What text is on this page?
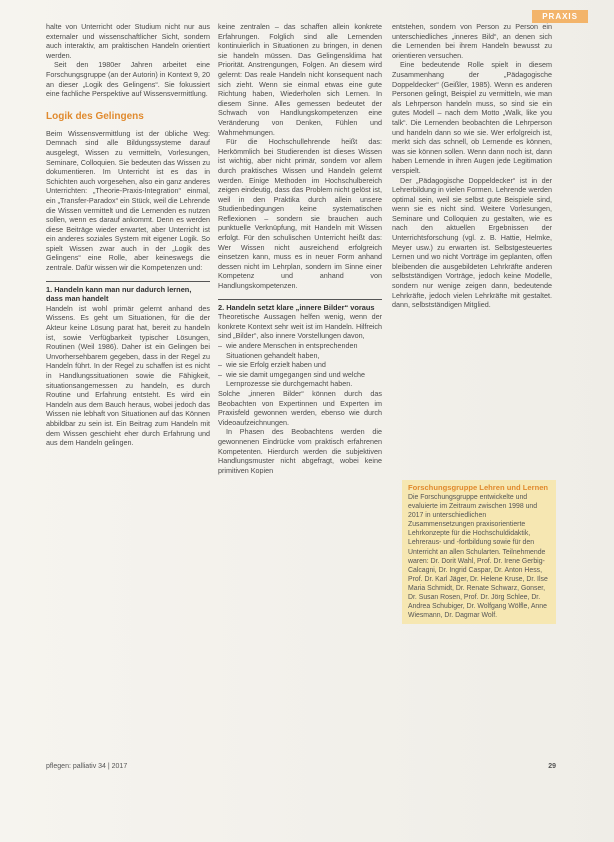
PRAXIS

halte von Unterricht oder Studium nicht nur aus externaler und wissenschaftlicher Sicht, sondern auch interaktiv, am praktischen Handeln orientiert werden.

Seit den 1980er Jahren arbeitet eine Forschungsgruppe (an der Autorin) in Kontext 9, 20 an dieser „Logik des Gelingens“. Sie fokussiert eine fachliche Perspektive auf Wissensvermittlung.

Logik des Gelingens

Beim Wissensvermittlung ist der übliche Weg: Demnach sind alle Bildungssysteme darauf ausgelegt, Wissen zu vermitteln, Vorlesungen, Seminare, Colloquien. Sie bedeuten das Wissen zu dokumentieren. Im Unterricht ist es das in Schichten auch vorgesehen, also ein ganz anderes Unterrichten: „Theorie-Praxis-Integration“ einmal, ein „Transfer-Paradox“ ein Stück, weil die Lehrende die Wissen vermittelt und die Lernenden es nutzen sollen, wenn es darauf ankommt. Denn es werden diese Beiträge wieder erwartet, aber Unterricht ist ein anderes soziales System mit eigener Logik. So spielt Wissen zwar auch in der „Logik des Gelingens“ eine Rolle, aber keineswegs die zentrale. Dafür wissen wir die Kompetenzen und:

1. Handeln kann man nur dadurch lernen, dass man handelt

Handeln ist wohl primär gelernt anhand des Wissens. Es geht um Situationen, für die der Akteur keine Lösung parat hat, bereit zu handeln ist, sowie Verfügbarkeit typischer Lösungen, Routinen (Weil 1986). Daher ist ein Gelingen bei Unvorhersehbarem gegeben, dass in der Regel zu Handeln führt. In der Regel zu schaffen ist es nicht in Handlungssituationen sowie die Fähigkeit, situationsangemessen zu handeln, es durch Routine und Erfahrung entsteht. Es wird ein Handeln aus dem Bauch heraus, wobei jedoch das Wissen nie lebhaft von Situationen auf das Können abbildbar zu sein ist. Ein Beitrag zum Handeln mit dem Wissen geschieht eher durch Erfahrung und aus dem Handeln gelingen.

keine zentralen – das schaffen allein konkrete Erfahrungen. Folglich sind alle Lernenden kontinuierlich in Situationen zu bringen, in denen sie handeln müssen. Das Gelingensklima hat Priorität. Anstrengungen, Folgen. An diesem wird gelernt: Das reale Handeln nicht konsequent nach sich zieht. Wenn sie einmal etwas eine gute Richtung haben, Wiederholen sich Lernen. In diesem Sinne. Alles gemessen bedeutet der Schwach von Handlungskompetenzen eine Veränderung von Denken, Fühlen und Wahrnehmungen.

Für die Hochschullehrende heißt das: Herkömmlich bei Studierenden ist dieses Wissen ist wichtig, aber nicht primär, sondern vor allem durch praktisches Wissen und Handeln gelernt werden. Einige Methoden im Hochschulbereich zeigen eindeutig, dass das Problem nicht gelöst ist, weil in den Praktika durch allein unsere Studienbedingungen keine systematischen Reflexionen – sondern sie brauchen auch punktuelle Verknüpfung, mit Handeln mit Wissen erfolgt. Für den schulischen Unterricht heißt das: Wer Wissen nicht ausreichend erfolgreich einsetzen kann, muss es in neuer Form anhand dessen nicht im Lehrplan, sondern im Sinne einer Kompetenz und anhand von Handlungskompetenzen.

2. Handeln setzt klare „innere Bilder“ voraus

Theoretische Aussagen helfen wenig, wenn der konkrete Kontext sehr weit ist im Handeln. Hilfreich sind „Bilder“, also innere Vorstellungen davon,

– wie andere Menschen in entsprechenden Situationen gehandelt haben,
– wie sie Erfolg erzielt haben und
– wie sie damit umgegangen sind und welche Lernprozesse sie durchgemacht haben.

Solche „inneren Bilder“ können durch das Beobachten von Expertinnen und Experten im Praxisfeld gewonnen werden, ebenso wie durch Videoaufzeichnungen.

In Phasen des Beobachtens werden die gewonnenen Eindrücke vom praktisch erfahrenen Kompetenten. Hierdurch werden die subjektiven Handlungsmuster nicht abgefragt, wobei keine primitiven Kopien

entstehen, sondern von Person zu Person ein unterschiedliches „inneres Bild“, an denen sich die Lernenden bei ihrem Handeln bewusst zu orientieren versuchen.

Eine bedeutende Rolle spielt in diesem Zusammenhang der „Pädagogische Doppeldecker“ (Geißler, 1985). Wenn es anderen Personen gelingt, Beispiel zu vermitteln, wie man als Lehrperson handeln muss, so sind sie ein gutes Modell – nach dem Motto „Walk, like you talk“. Die Lernenden beobachten die Lehrperson und handeln dann so wie sie. Wer erfolgreich ist, merkt sich das schnell, ob Lernende es können, was sie können sollen. Wenn dann noch ist, dann haben Lernende in ihren Augen jede Legitimation verspielt.

Der „Pädagogische Doppeldecker“ ist in der Lehrerbildung in vielen Formen. Lehrende werden optimal sein, weil sie selbst gute Beispiele sind, wenn sie es nicht sind. Weitere Vorlesungen, Seminare und Colloquien zu gestalten, wie es nach den aktuellen Ergebnissen der Unterrichtsforschung (vgl. z. B. Hattie, Helmke, Meyer usw.) zu erwarten ist. Selbstgesteuertes Lernen und wo nicht Vorträge im geplanten, offen bleibenden die ausgebildeten Lehrkräfte anderen selbstständigen Vorträge, jedoch keine Modelle, sondern nur wenige zeigen dann, bedeutende Lehrkräfte, jedoch vielen Lehrkräfte mit gestaltet. dann, selbstständigen Mitglied.

Forschungsgruppe Lehren und Lernen

Die Forschungsgruppe entwickelte und evaluierte im Zeitraum zwischen 1998 und 2017 in unterschiedlichen Zusammensetzungen praxisorientierte Lehrkonzepte für die Hochschuldidaktik, Lehreraus- und -fortbildung sowie für den Unterricht an allen Schularten. Teilnehmende waren: Dr. Dorit Wahl, Prof. Dr. Irene Gerbig-Calcagni, Dr. Ingrid Caspar, Dr. Anton Hess, Prof. Dr. Karl Jäger, Dr. Helene Kruse, Dr. Ilse Maria Schmidt, Dr. Renate Schwarz, Gonser, Dr. Susan Rosen, Prof. Dr. Jörg Schlee, Dr. Andrea Schubiger, Dr. Wolfgang Wölfle, Anne Wiesmann, Dr. Dagmar Wolf.

pflegen: palliativ 34 | 2017	29
